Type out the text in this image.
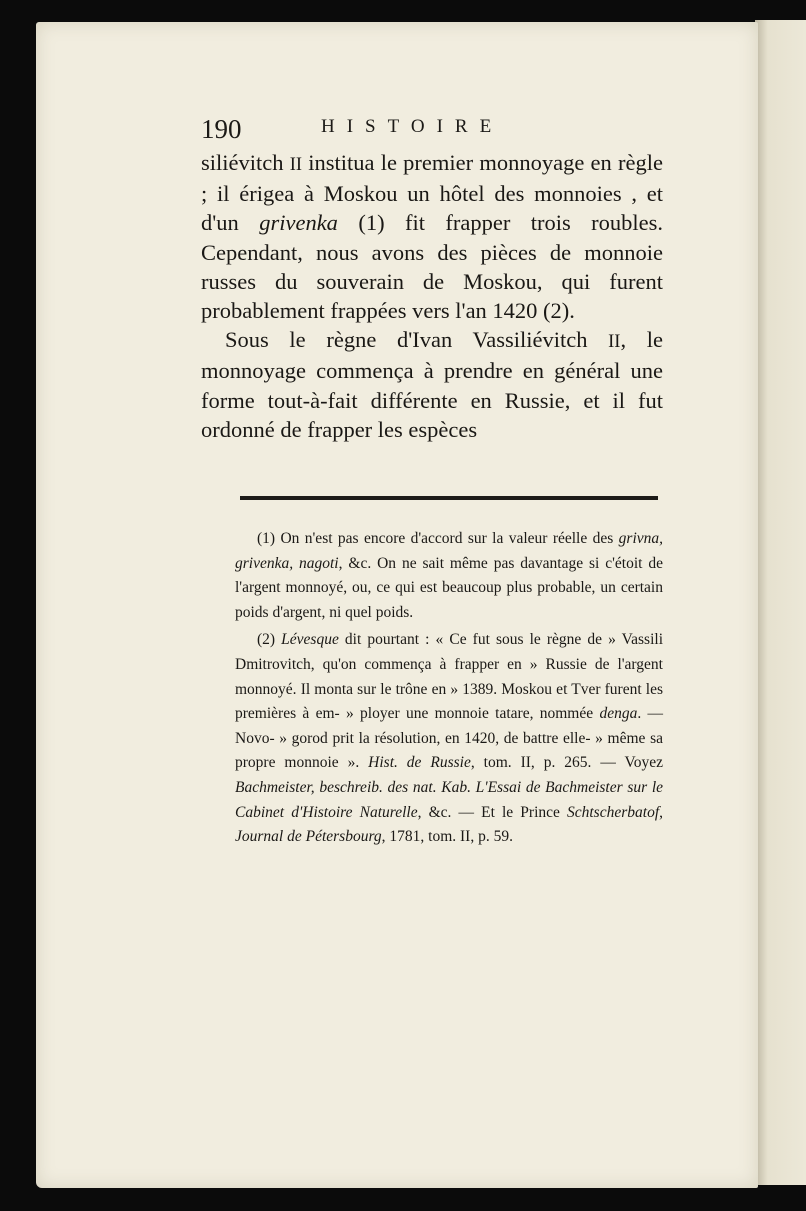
190	HISTOIRE

siliévitch II institua le premier monnoyage en règle ; il érigea à Moskou un hôtel des monnoies , et d'un grivenka (1) fit frapper trois roubles. Cependant, nous avons des pièces de monnoie russes du souverain de Moskou, qui furent probablement frappées vers l'an 1420 (2).

Sous le règne d'Ivan Vassiliévitch II, le monnoyage commença à prendre en général une forme tout-à-fait différente en Russie, et il fut ordonné de frapper les espèces

(1) On n'est pas encore d'accord sur la valeur réelle des grivna, grivenka, nagoti, &c. On ne sait même pas davantage si c'étoit de l'argent monnoyé, ou, ce qui est beaucoup plus probable, un certain poids d'argent, ni quel poids.

(2) Lévesque dit pourtant : « Ce fut sous le règne de » Vassili Dmitrovitch, qu'on commença à frapper en » Russie de l'argent monnoyé. Il monta sur le trône en » 1389. Moskou et Tver furent les premières à em- » ployer une monnoie tatare, nommée denga. — Novo- » gorod prit la résolution, en 1420, de battre elle- » même sa propre monnoie ». Hist. de Russie, tom. II, p. 265. — Voyez Bachmeister, beschreib. des nat. Kab. L'Essai de Bachmeister sur le Cabinet d'Histoire Naturelle, &c. — Et le Prince Schtscherbatof, Journal de Pétersbourg, 1781, tom. II, p. 59.
